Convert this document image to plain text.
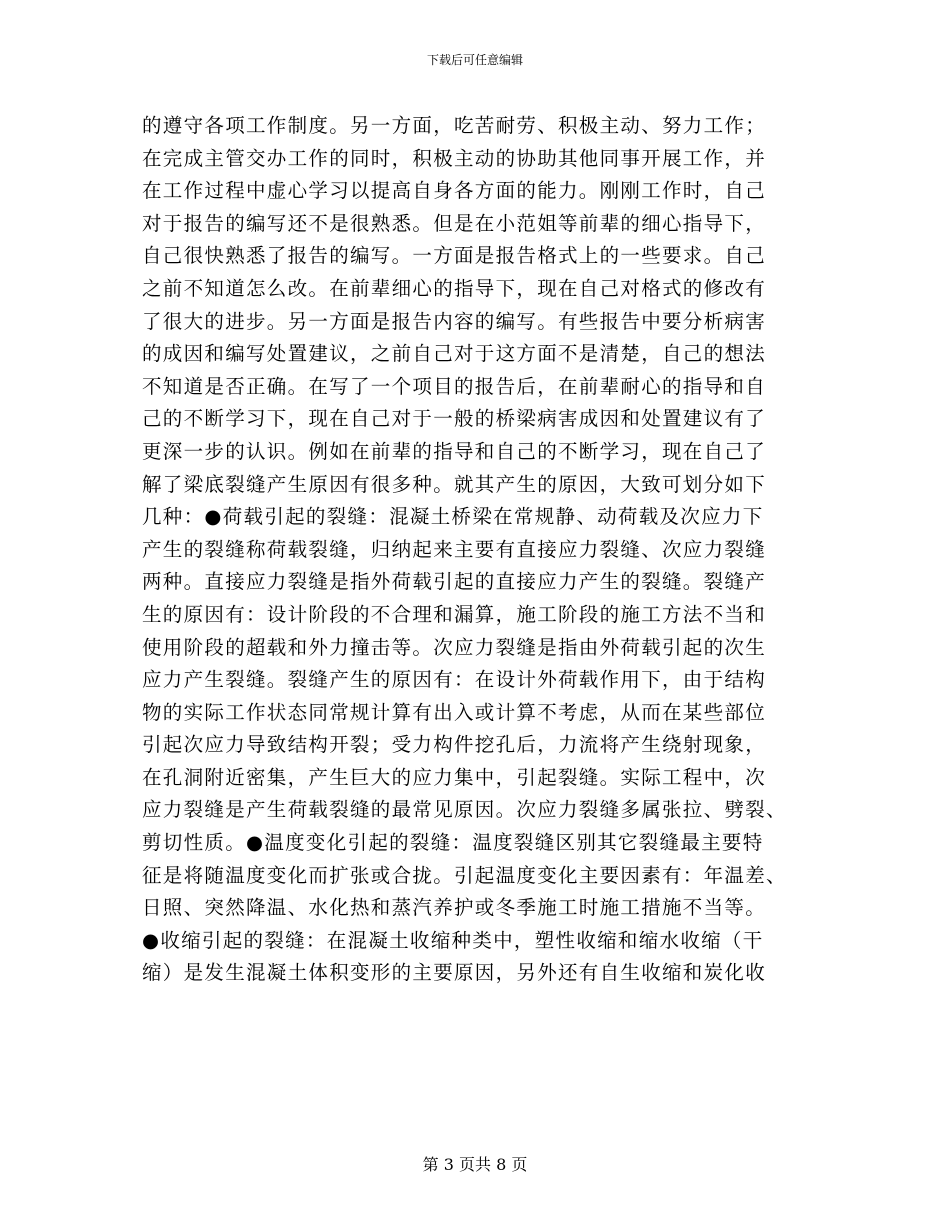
下载后可任意编辑
的遵守各项工作制度。另一方面，吃苦耐劳、积极主动、努力工作；
在完成主管交办工作的同时，积极主动的协助其他同事开展工作，并
在工作过程中虚心学习以提高自身各方面的能力。刚刚工作时，自己
对于报告的编写还不是很熟悉。但是在小范姐等前辈的细心指导下，
自己很快熟悉了报告的编写。一方面是报告格式上的一些要求。自己
之前不知道怎么改。在前辈细心的指导下，现在自己对格式的修改有
了很大的进步。另一方面是报告内容的编写。有些报告中要分析病害
的成因和编写处置建议，之前自己对于这方面不是清楚，自己的想法
不知道是否正确。在写了一个项目的报告后，在前辈耐心的指导和自
己的不断学习下，现在自己对于一般的桥梁病害成因和处置建议有了
更深一步的认识。例如在前辈的指导和自己的不断学习，现在自己了
解了梁底裂缝产生原因有很多种。就其产生的原因，大致可划分如下
几种：●荷载引起的裂缝：混凝土桥梁在常规静、动荷载及次应力下
产生的裂缝称荷载裂缝，归纳起来主要有直接应力裂缝、次应力裂缝
两种。直接应力裂缝是指外荷载引起的直接应力产生的裂缝。裂缝产
生的原因有：设计阶段的不合理和漏算，施工阶段的施工方法不当和
使用阶段的超载和外力撞击等。次应力裂缝是指由外荷载引起的次生
应力产生裂缝。裂缝产生的原因有：在设计外荷载作用下，由于结构
物的实际工作状态同常规计算有出入或计算不考虑，从而在某些部位
引起次应力导致结构开裂；受力构件挖孔后，力流将产生绕射现象，
在孔洞附近密集，产生巨大的应力集中，引起裂缝。实际工程中，次
应力裂缝是产生荷载裂缝的最常见原因。次应力裂缝多属张拉、劈裂、
剪切性质。●温度变化引起的裂缝：温度裂缝区别其它裂缝最主要特
征是将随温度变化而扩张或合拢。引起温度变化主要因素有：年温差、
日照、突然降温、水化热和蒸汽养护或冬季施工时施工措施不当等。
●收缩引起的裂缝：在混凝土收缩种类中，塑性收缩和缩水收缩（干
缩）是发生混凝土体积变形的主要原因，另外还有自生收缩和炭化收
第 3 页共 8 页
